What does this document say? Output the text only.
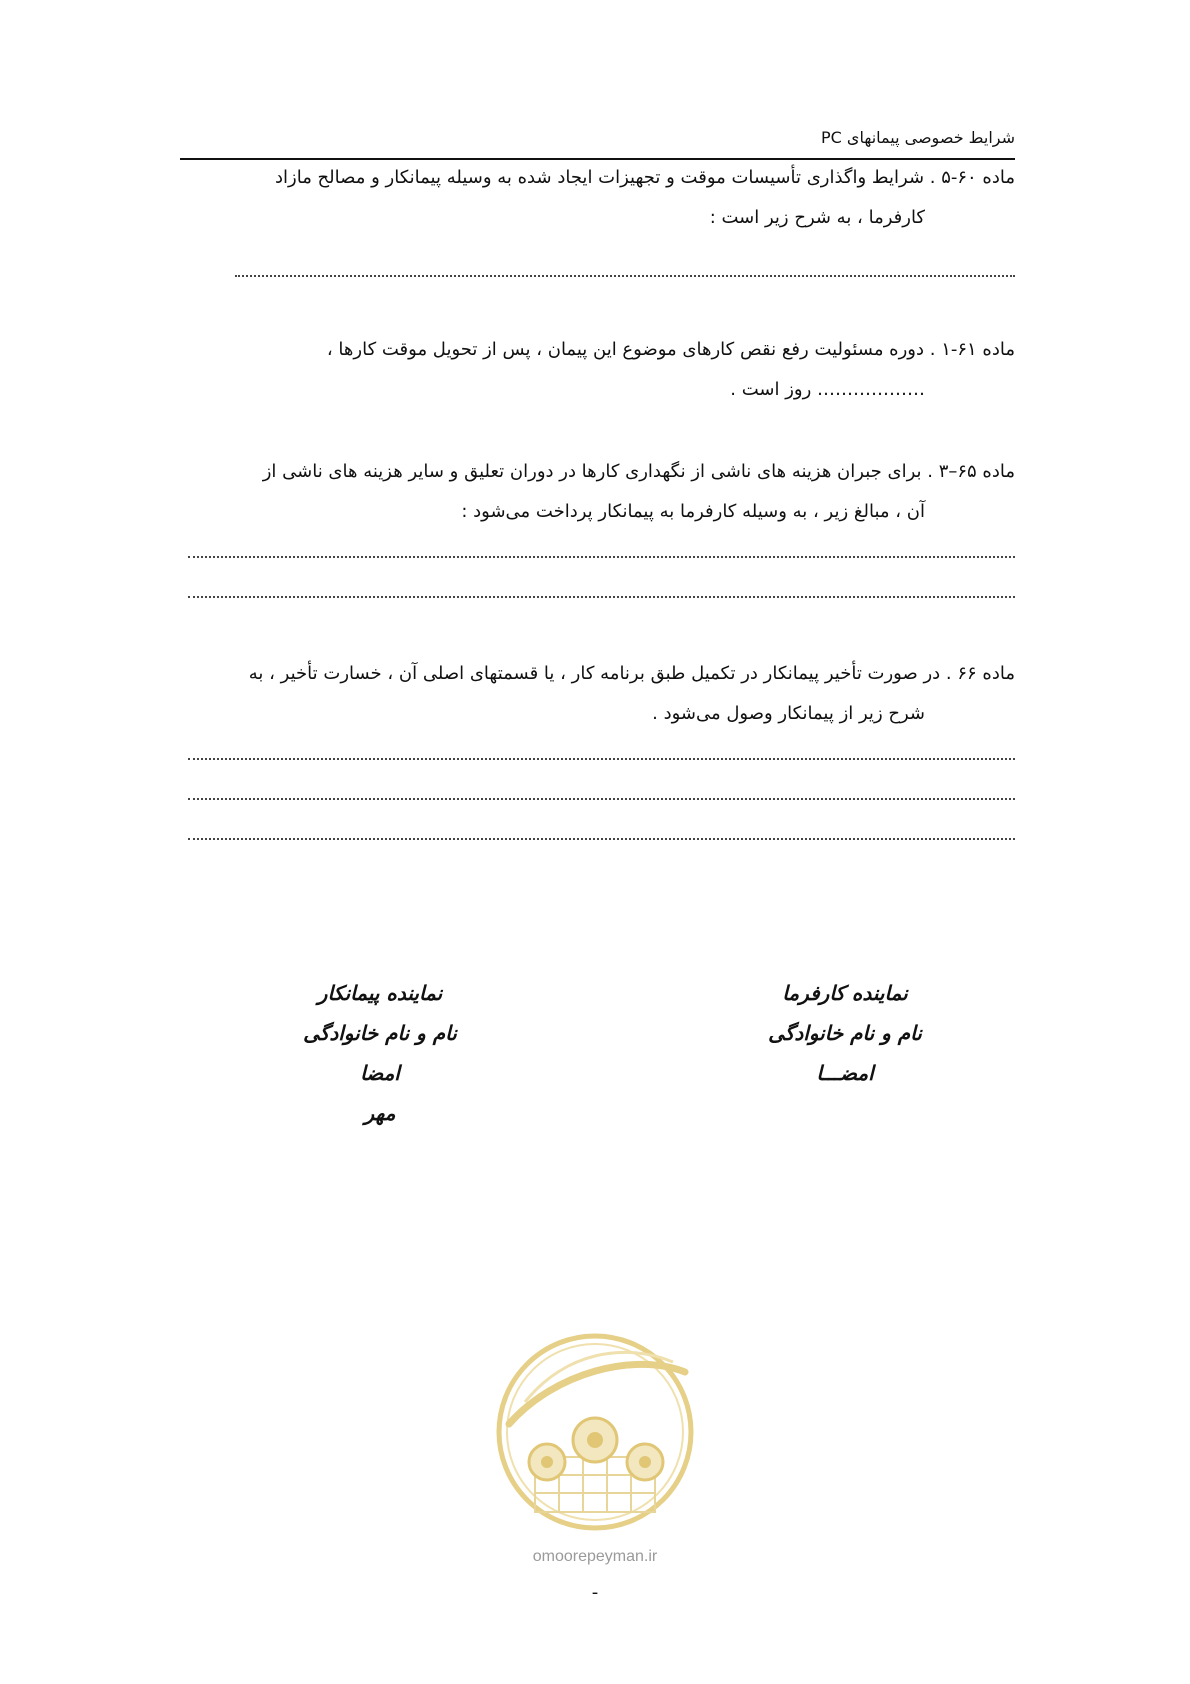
شرایط خصوصی پیمانهای PC

ماده ۶۰-۵ . شرایط واگذاری تأسیسات موقت و تجهیزات ایجاد شده به وسیله پیمانکار و مصالح مازاد

کارفرما ، به شرح زیر است :

ماده ۶۱-۱ . دوره مسئولیت رفع نقص کارهای موضوع این پیمان ، پس از تحویل موقت کارها ،

……………… روز است .

ماده ۶۵–۳ . برای جبران هزینه های ناشی از نگهداری کارها در دوران تعلیق و سایر هزینه های ناشی از

آن ، مبالغ زیر ، به وسیله کارفرما به پیمانکار پرداخت می‌شود :

ماده ۶۶ . در صورت تأخیر پیمانکار در تکمیل طبق برنامه کار ، یا قسمتهای اصلی آن ، خسارت تأخیر ، به

شرح زیر از پیمانکار وصول می‌شود .

نماینده کارفرما
نام و نام خانوادگی
امضـــا
نماینده پیمانکار
نام و نام خانوادگی
امضا
مهر
omoorepeyman.ir
-
